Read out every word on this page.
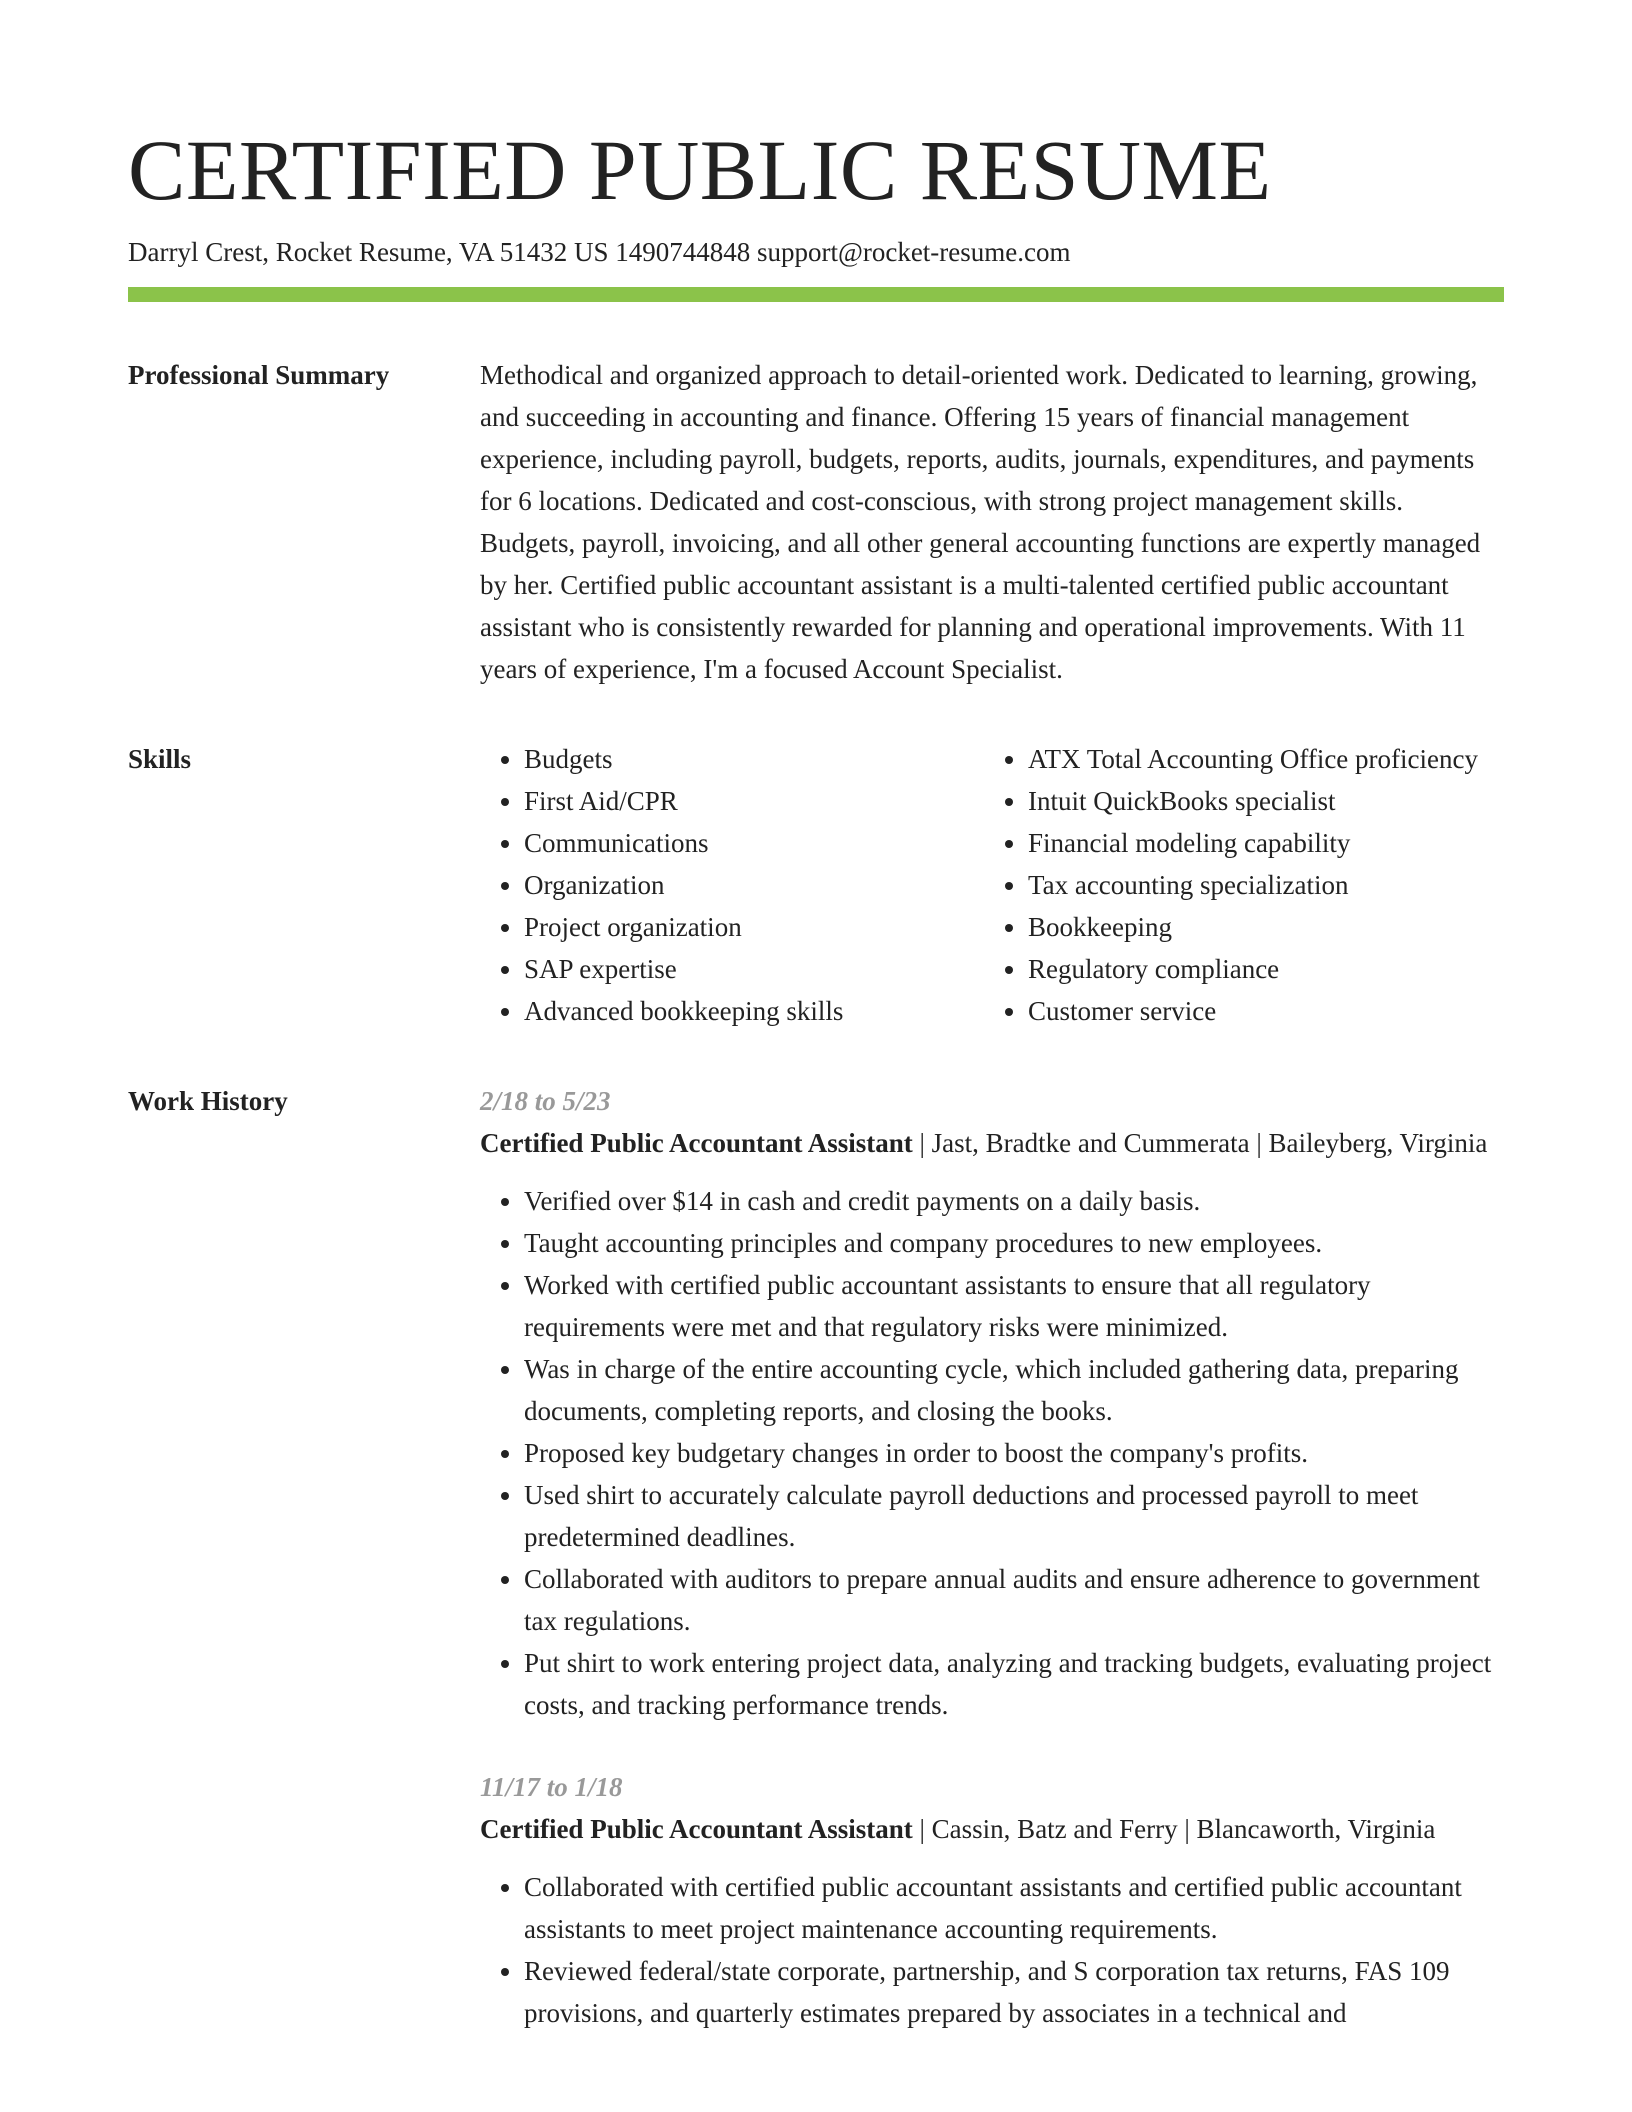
CERTIFIED PUBLIC RESUME
Darryl Crest, Rocket Resume, VA 51432 US 1490744848 support@rocket-resume.com
Professional Summary	Methodical and organized approach to detail-oriented work. Dedicated to learning, growing, and succeeding in accounting and finance. Offering 15 years of financial management experience, including payroll, budgets, reports, audits, journals, expenditures, and payments for 6 locations. Dedicated and cost-conscious, with strong project management skills. Budgets, payroll, invoicing, and all other general accounting functions are expertly managed by her. Certified public accountant assistant is a multi-talented certified public accountant assistant who is consistently rewarded for planning and operational improvements. With 11 years of experience, I'm a focused Account Specialist.

Skills
•	Budgets
• First Aid/CPR
• Communications
• Organization
• Project organization
• SAP expertise
• Advanced bookkeeping skills
• ATX Total Accounting Office proficiency
• Intuit QuickBooks specialist
• Financial modeling capability
• Tax accounting specialization
• Bookkeeping
• Regulatory compliance
• Customer service
Work History	2/18 to 5/23
Certified Public Accountant Assistant | Jast, Bradtke and Cummerata | Baileyberg, Virginia
• Verified over $14 in cash and credit payments on a daily basis.
• Taught accounting principles and company procedures to new employees.
• Worked with certified public accountant assistants to ensure that all regulatory requirements were met and that regulatory risks were minimized.
• Was in charge of the entire accounting cycle, which included gathering data, preparing documents, completing reports, and closing the books.
• Proposed key budgetary changes in order to boost the company's profits.
• Used shirt to accurately calculate payroll deductions and processed payroll to meet predetermined deadlines.
• Collaborated with auditors to prepare annual audits and ensure adherence to government tax regulations.
• Put shirt to work entering project data, analyzing and tracking budgets, evaluating project costs, and tracking performance trends.
11/17 to 1/18
Certified Public Accountant Assistant | Cassin, Batz and Ferry | Blancaworth, Virginia
• Collaborated with certified public accountant assistants and certified public accountant assistants to meet project maintenance accounting requirements.
• Reviewed federal/state corporate, partnership, and S corporation tax returns, FAS 109 provisions, and quarterly estimates prepared by associates in a technical and
